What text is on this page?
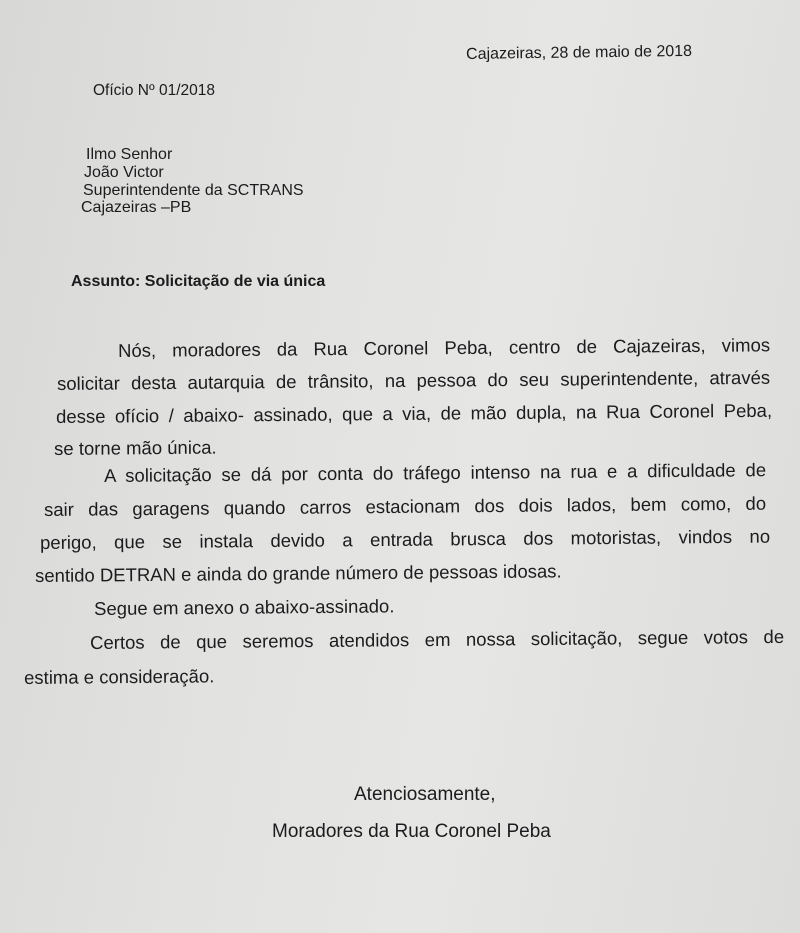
Cajazeiras, 28 de maio de 2018
Ofício Nº 01/2018
Ilmo Senhor
João Victor
Superintendente da SCTRANS
Cajazeiras –PB
Assunto: Solicitação de via única
Nós, moradores da Rua Coronel Peba, centro de Cajazeiras, vimos
solicitar desta autarquia de trânsito, na pessoa do seu superintendente, através
desse ofício / abaixo- assinado, que a via, de mão dupla, na Rua Coronel Peba,
se torne mão única.
A solicitação se dá por conta do tráfego intenso na rua e a dificuldade de
sair das garagens quando carros estacionam dos dois lados, bem como, do
perigo, que se instala devido a entrada brusca dos motoristas, vindos no
sentido DETRAN e ainda do grande número de pessoas idosas.
Segue em anexo o abaixo-assinado.
Certos de que seremos atendidos em nossa solicitação, segue votos de
estima e consideração.
Atenciosamente,
Moradores da Rua Coronel Peba
